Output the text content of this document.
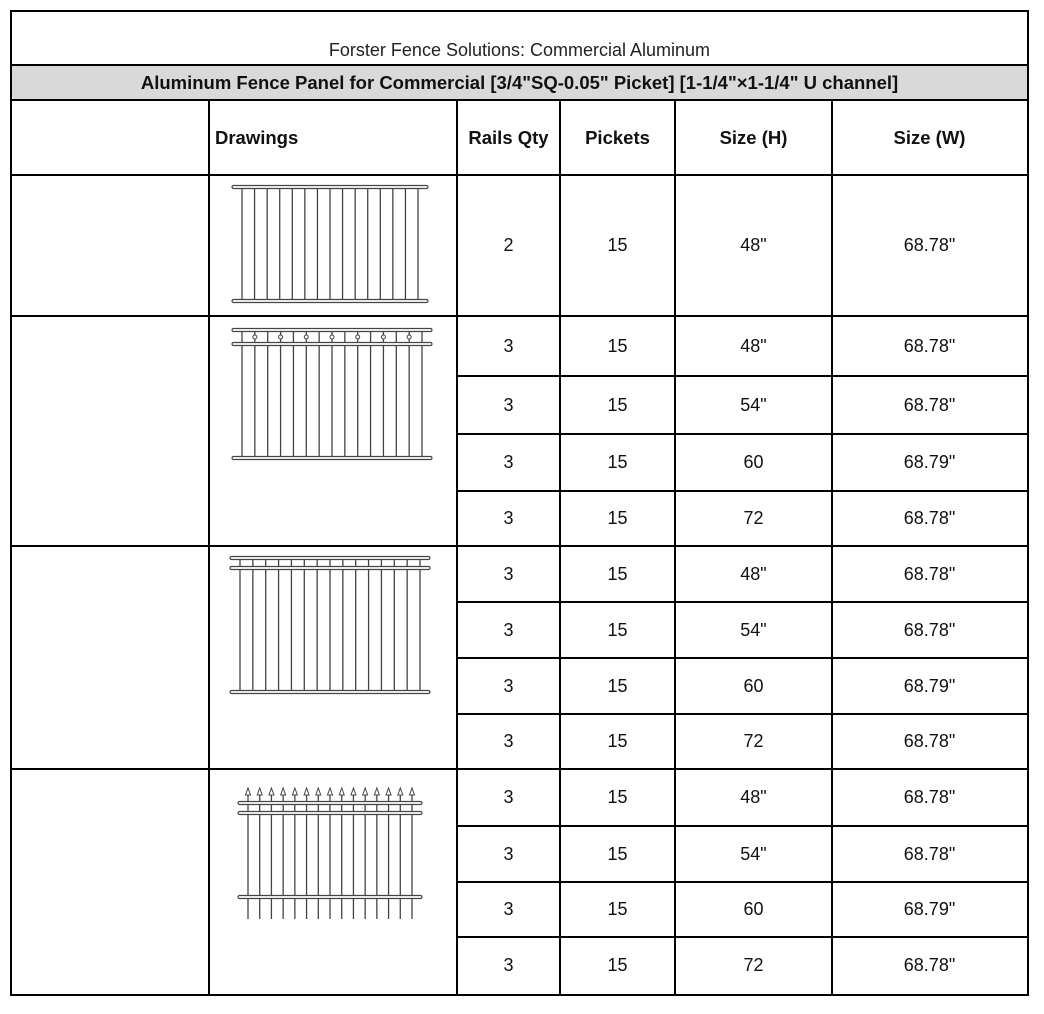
Forster Fence Solutions: Commercial Aluminum
Aluminum Fence Panel for Commercial [3/4"SQ-0.05" Picket] [1-1/4"×1-1/4" U channel]
Drawings	Rails Qty	Pickets	Size (H)	Size (W)
2	15	48"	68.78"
3	15	48"	68.78"
3	15	54"	68.78"
3	15	60	68.79"
3	15	72	68.78"
3	15	48"	68.78"
3	15	54"	68.78"
3	15	60	68.79"
3	15	72	68.78"
3	15	48"	68.78"
3	15	54"	68.78"
3	15	60	68.79"
3	15	72	68.78"
